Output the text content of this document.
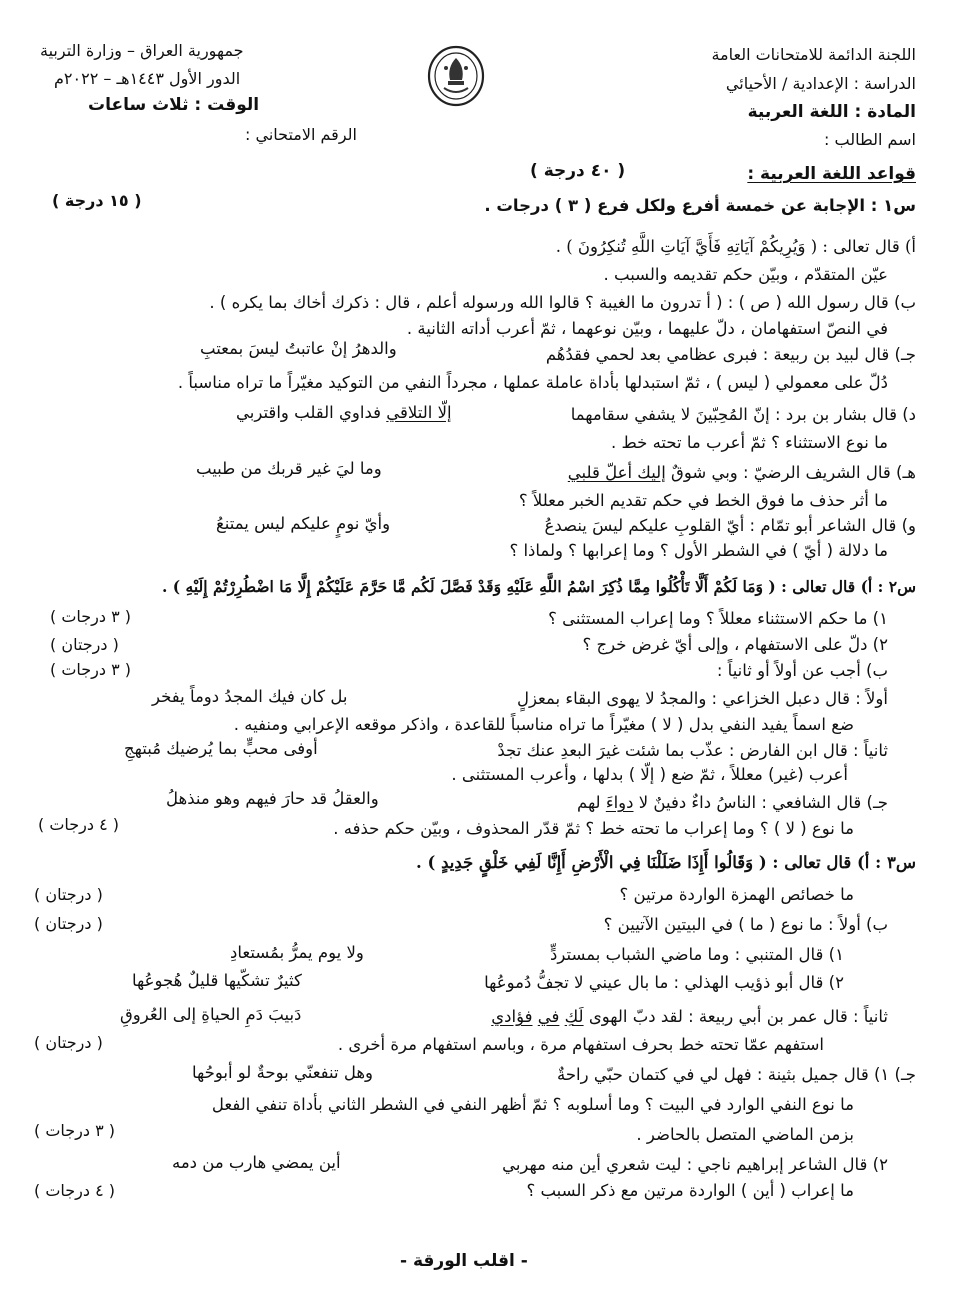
اللجنة الدائمة للامتحانات العامة
الدراسة : الإعدادية / الأحيائي
المادة : اللغة العربية
اسم الطالب :
جمهورية العراق – وزارة التربية
الدور الأول ١٤٤٣هـ – ٢٠٢٢م
الوقت : ثلاث ساعات
الرقم الامتحاني :
قواعد اللغة العربية :
( ٤٠ درجة )
س١ : الإجابة عن خمسة أفرع ولكل فرع ( ٣ ) درجات .
( ١٥ درجة )
أ) قال تعالى : ( وَيُرِيكُمْ آيَاتِهِ فَأَيَّ آيَاتِ اللَّهِ تُنكِرُونَ ) .
عيّن المتقدّم ، وبيّن حكم تقديمه والسبب .
ب) قال رسول الله ( ص ) : ( أ تدرون ما الغيبة ؟ قالوا الله ورسوله أعلم ، قال : ذكرك أخاك بما يكره ) .
في النصّ استفهامان ، دلّ عليهما ، وبيّن نوعهما ، ثمّ أعرب أداته الثانية .
جـ) قال لبيد بن ربيعة : فبرى عظامي بعد لحمي فقدُهُم
والدهرُ إنْ عاتبتُ ليسَ بمعتبِ
دُلّ على معمولي ( ليس ) ، ثمّ استبدلها بأداة عاملة عملها ، مجرداً النفي من التوكيد مغيّراً ما تراه مناسباً .
د) قال بشار بن برد : إنّ المُحِبّينَ لا يشفي سقامهما
إلّا التلاقي فداوي القلب واقتربي
ما نوع الاستثناء ؟ ثمّ أعرب ما تحته خط .
هـ) قال الشريف الرضيّ : وبي شوقٌ إليك أعلّ قلبي
وما ليَ غير قربك من طبيب
ما أثر حذف ما فوق الخط في حكم تقديم الخبر معللاً ؟
و) قال الشاعر أبو تمّام : أيّ القلوبِ عليكم ليسَ ينصدعُ
وأيّ نومٍ عليكم ليس يمتنعُ
ما دلالة ( أيّ ) في الشطر الأول ؟ وما إعرابها ؟ ولماذا ؟
س٢ : أ) قال تعالى : ( وَمَا لَكُمْ أَلَّا تَأْكُلُوا مِمَّا ذُكِرَ اسْمُ اللَّهِ عَلَيْهِ وَقَدْ فَصَّلَ لَكُم مَّا حَرَّمَ عَلَيْكُمْ إِلَّا مَا اضْطُرِرْتُمْ إِلَيْهِ ) .
١) ما حكم الاستثناء معللاً ؟ وما إعراب المستثنى ؟
( ٣ درجات )
٢) دلّ على الاستفهام ، وإلى أيّ غرض خرج ؟
( درجتان )
ب) أجب عن أولاً أو ثانياً :
( ٣ درجات )
أولاً : قال دعبل الخزاعي : والمجدُ لا يهوى البقاء بمعزلٍ
بل كان فيك المجدُ دوماً يفخر
ضع اسماً يفيد النفي بدل ( لا ) مغيّراً ما تراه مناسباً للقاعدة ، واذكر موقعه الإعرابي ومنفيه .
ثانياً : قال ابن الفارض : عذّب بما شئت غيرَ البعدِ عنك تجدْ
أوفى محبٍّ بما يُرضيك مُبتهجِ
أعرب (غير) معللاً ، ثمّ ضع ( إلّا ) بدلها ، وأعرب المستثنى .
جـ) قال الشافعي : الناسُ داءٌ دفينٌ لا دواءَ لهم
والعقلُ قد حارَ فيهم وهو منذهلُ
ما نوع ( لا ) ؟ وما إعراب ما تحته خط ؟ ثمّ قدّر المحذوف ، وبيّن حكم حذفه .
( ٤ درجات )
س٣ : أ) قال تعالى : ( وَقَالُوا أَإِذَا ضَلَلْنَا فِي الْأَرْضِ أَإِنَّا لَفِي خَلْقٍ جَدِيدٍ ) .
ما خصائص الهمزة الواردة مرتين ؟
( درجتان )
ب) أولاً : ما نوع ( ما ) في البيتين الآتيين ؟
( درجتان )
١) قال المتنبي : وما ماضي الشباب بمستردٍّ
ولا يوم يمرُّ بمُستعادِ
٢) قال أبو ذؤيب الهذلي : ما بال عيني لا تجفُّ دُموعُها
كثيرٌ تشكّيها قليلٌ هُجوعُها
ثانياً : قال عمر بن أبي ربيعة : لقد دبّ الهوى لَكِ في فؤادي
دَبيبَ دَمِ الحياةِ إلى العُروقِ
استفهم عمّا تحته خط بحرف استفهام مرة ، وباسم استفهام مرة أخرى .
( درجتان )
جـ) ١) قال جميل بثينة : فهل لي في كتمان حبّي راحةٌ
وهل تنفعنّي بوحةٌ لو أبوحُها
ما نوع النفي الوارد في البيت ؟ وما أسلوبه ؟ ثمّ أظهر النفي في الشطر الثاني بأداة تنفي الفعل
بزمن الماضي المتصل بالحاضر .
( ٣ درجات )
٢) قال الشاعر إبراهيم ناجي : ليت شعري أين منه مهربي
أين يمضي هارب من دمه
ما إعراب ( أين ) الواردة مرتين مع ذكر السبب ؟
( ٤ درجات )
- اقلب الورقة -
